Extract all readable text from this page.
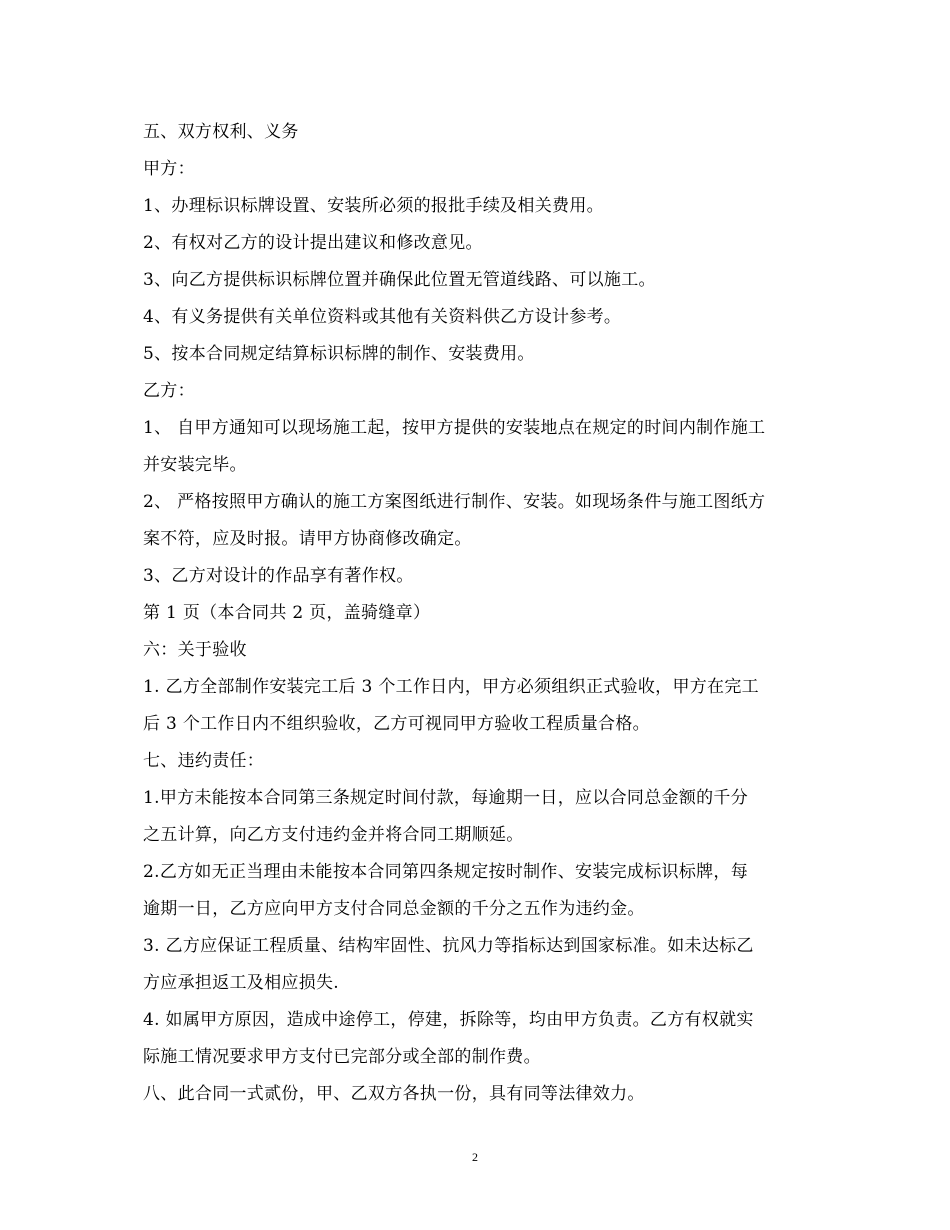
五、双方权利、义务
甲方：
1、办理标识标牌设置、安装所必须的报批手续及相关费用。
2、有权对乙方的设计提出建议和修改意见。
3、向乙方提供标识标牌位置并确保此位置无管道线路、可以施工。
4、有义务提供有关单位资料或其他有关资料供乙方设计参考。
5、按本合同规定结算标识标牌的制作、安装费用。
乙方：
1、 自甲方通知可以现场施工起，按甲方提供的安装地点在规定的时间内制作施工
并安装完毕。
2、 严格按照甲方确认的施工方案图纸进行制作、安装。如现场条件与施工图纸方
案不符，应及时报。请甲方协商修改确定。
3、乙方对设计的作品享有著作权。
第 1 页（本合同共 2 页，盖骑缝章）
六：关于验收
1. 乙方全部制作安装完工后 3 个工作日内，甲方必须组织正式验收，甲方在完工
后 3 个工作日内不组织验收，乙方可视同甲方验收工程质量合格。
七、违约责任：
1.甲方未能按本合同第三条规定时间付款，每逾期一日，应以合同总金额的千分
之五计算，向乙方支付违约金并将合同工期顺延。
2.乙方如无正当理由未能按本合同第四条规定按时制作、安装完成标识标牌，每
逾期一日，乙方应向甲方支付合同总金额的千分之五作为违约金。
3. 乙方应保证工程质量、结构牢固性、抗风力等指标达到国家标准。如未达标乙
方应承担返工及相应损失.
4. 如属甲方原因，造成中途停工，停建，拆除等，均由甲方负责。乙方有权就实
际施工情况要求甲方支付已完部分或全部的制作费。
八、此合同一式贰份，甲、乙双方各执一份，具有同等法律效力。
2
